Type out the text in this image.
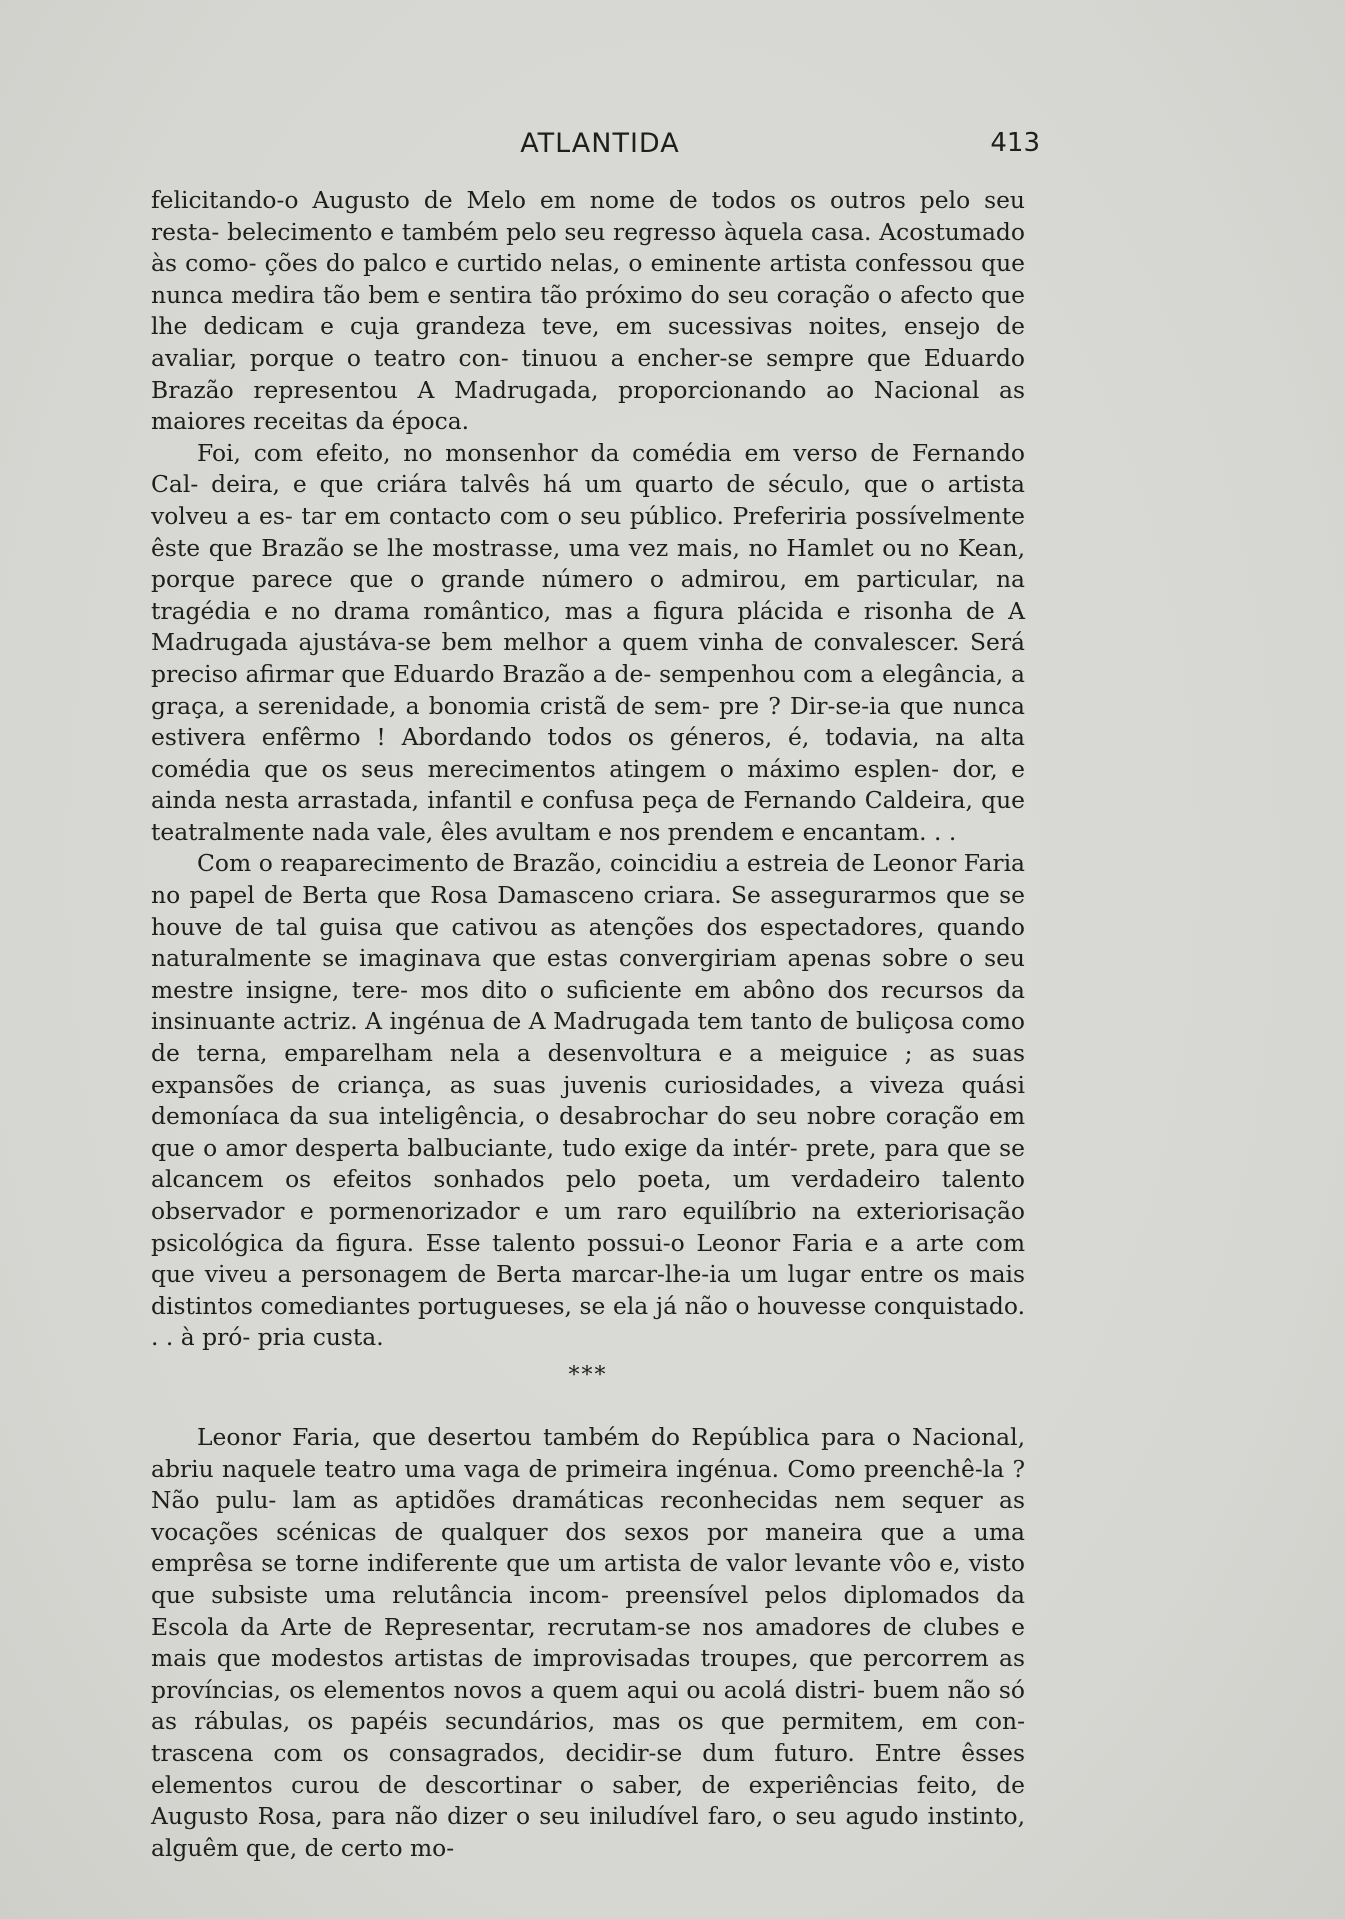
ATLANTIDA	413

felicitando-o Augusto de Melo em nome de todos os outros pelo seu resta- belecimento e também pelo seu regresso àquela casa. Acostumado às como- ções do palco e curtido nelas, o eminente artista confessou que nunca medira tão bem e sentira tão próximo do seu coração o afecto que lhe dedicam e cuja grandeza teve, em sucessivas noites, ensejo de avaliar, porque o teatro con- tinuou a encher-se sempre que Eduardo Brazão representou A Madrugada, proporcionando ao Nacional as maiores receitas da época.

Foi, com efeito, no monsenhor da comédia em verso de Fernando Cal- deira, e que criára talvês há um quarto de século, que o artista volveu a es- tar em contacto com o seu público. Preferiria possívelmente êste que Brazão se lhe mostrasse, uma vez mais, no Hamlet ou no Kean, porque parece que o grande número o admirou, em particular, na tragédia e no drama romântico, mas a figura plácida e risonha de A Madrugada ajustáva-se bem melhor a quem vinha de convalescer. Será preciso afirmar que Eduardo Brazão a de- sempenhou com a elegância, a graça, a serenidade, a bonomia cristã de sem- pre ? Dir-se-ia que nunca estivera enfêrmo ! Abordando todos os géneros, é, todavia, na alta comédia que os seus merecimentos atingem o máximo esplen- dor, e ainda nesta arrastada, infantil e confusa peça de Fernando Caldeira, que teatralmente nada vale, êles avultam e nos prendem e encantam. . .

Com o reaparecimento de Brazão, coincidiu a estreia de Leonor Faria no papel de Berta que Rosa Damasceno criara. Se assegurarmos que se houve de tal guisa que cativou as atenções dos espectadores, quando naturalmente se imaginava que estas convergiriam apenas sobre o seu mestre insigne, tere- mos dito o suficiente em abôno dos recursos da insinuante actriz. A ingénua de A Madrugada tem tanto de buliçosa como de terna, emparelham nela a desenvoltura e a meiguice ; as suas expansões de criança, as suas juvenis curiosidades, a viveza quási demoníaca da sua inteligência, o desabrochar do seu nobre coração em que o amor desperta balbuciante, tudo exige da intér- prete, para que se alcancem os efeitos sonhados pelo poeta, um verdadeiro talento observador e pormenorizador e um raro equilíbrio na exteriorisação psicológica da figura. Esse talento possui-o Leonor Faria e a arte com que viveu a personagem de Berta marcar-lhe-ia um lugar entre os mais distintos comediantes portugueses, se ela já não o houvesse conquistado. . . à pró- pria custa.

***

Leonor Faria, que desertou também do República para o Nacional, abriu naquele teatro uma vaga de primeira ingénua. Como preenchê-la ? Não pulu- lam as aptidões dramáticas reconhecidas nem sequer as vocações scénicas de qualquer dos sexos por maneira que a uma emprêsa se torne indiferente que um artista de valor levante vôo e, visto que subsiste uma relutância incom- preensível pelos diplomados da Escola da Arte de Representar, recrutam-se nos amadores de clubes e mais que modestos artistas de improvisadas troupes, que percorrem as províncias, os elementos novos a quem aqui ou acolá distri- buem não só as rábulas, os papéis secundários, mas os que permitem, em con- trascena com os consagrados, decidir-se dum futuro. Entre êsses elementos curou de descortinar o saber, de experiências feito, de Augusto Rosa, para não dizer o seu iniludível faro, o seu agudo instinto, alguêm que, de certo mo-
